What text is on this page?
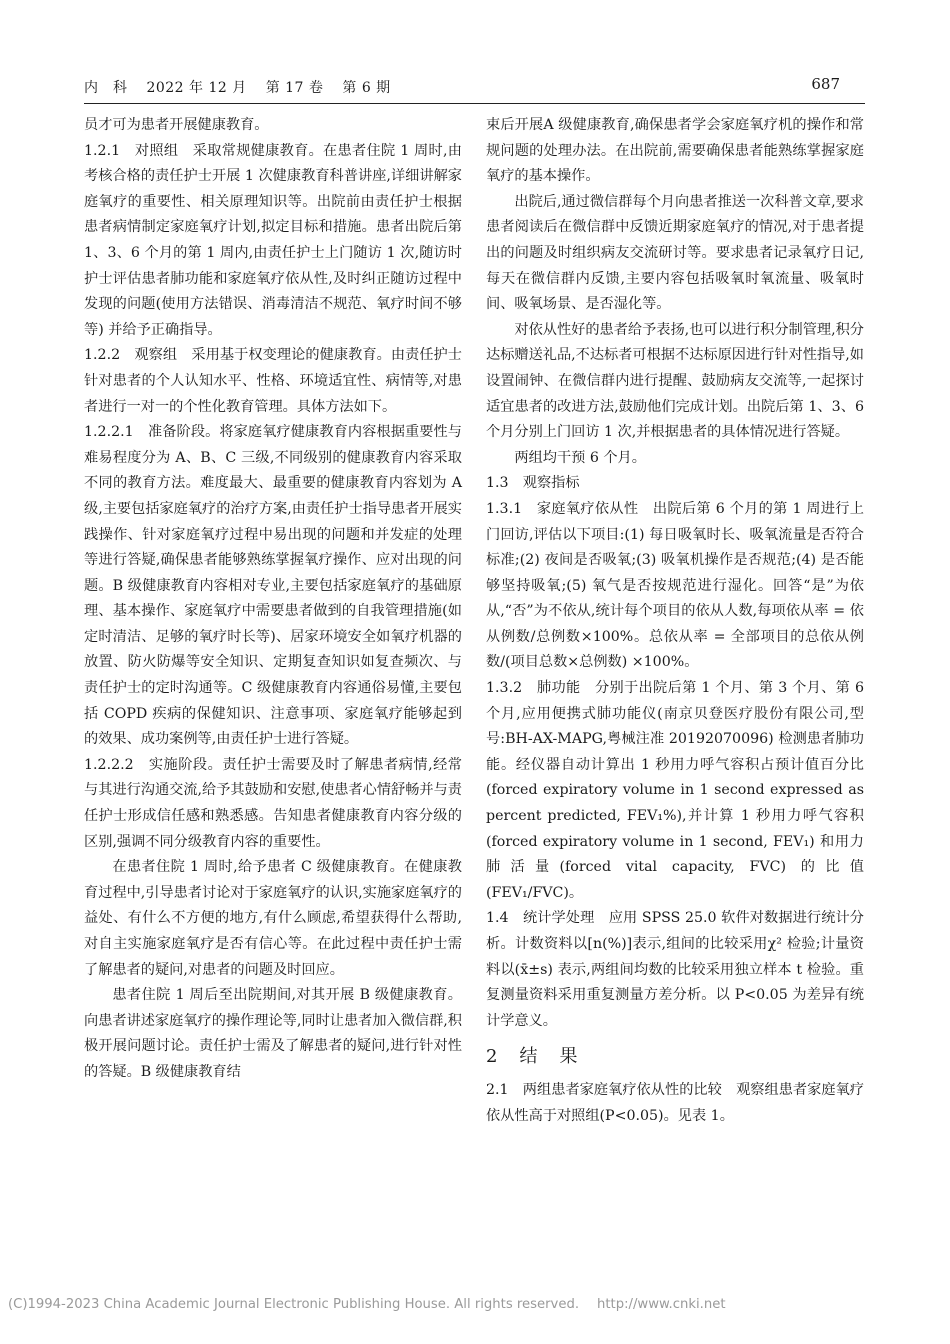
内　科 2022 年 12 月 第 17 卷 第 6 期	687

员才可为患者开展健康教育。

1.2.1　对照组　采取常规健康教育。在患者住院 1 周时,由考核合格的责任护士开展 1 次健康教育科普讲座,详细讲解家庭氧疗的重要性、相关原理知识等。出院前由责任护士根据患者病情制定家庭氧疗计划,拟定目标和措施。患者出院后第 1、3、6 个月的第 1 周内,由责任护士上门随访 1 次,随访时护士评估患者肺功能和家庭氧疗依从性,及时纠正随访过程中发现的问题(使用方法错误、消毒清洁不规范、氧疗时间不够等) 并给予正确指导。

1.2.2　观察组　采用基于权变理论的健康教育。由责任护士针对患者的个人认知水平、性格、环境适宜性、病情等,对患者进行一对一的个性化教育管理。具体方法如下。

1.2.2.1　准备阶段。将家庭氧疗健康教育内容根据重要性与难易程度分为 A、B、C 三级,不同级别的健康教育内容采取不同的教育方法。难度最大、最重要的健康教育内容划为 A 级,主要包括家庭氧疗的治疗方案,由责任护士指导患者开展实践操作、针对家庭氧疗过程中易出现的问题和并发症的处理等进行答疑,确保患者能够熟练掌握氧疗操作、应对出现的问题。B 级健康教育内容相对专业,主要包括家庭氧疗的基础原理、基本操作、家庭氧疗中需要患者做到的自我管理措施(如定时清洁、足够的氧疗时长等)、居家环境安全如氧疗机器的放置、防火防爆等安全知识、定期复查知识如复查频次、与责任护士的定时沟通等。C 级健康教育内容通俗易懂,主要包括 COPD 疾病的保健知识、注意事项、家庭氧疗能够起到的效果、成功案例等,由责任护士进行答疑。

1.2.2.2　实施阶段。责任护士需要及时了解患者病情,经常与其进行沟通交流,给予其鼓励和安慰,使患者心情舒畅并与责任护士形成信任感和熟悉感。告知患者健康教育内容分级的区别,强调不同分级教育内容的重要性。

在患者住院 1 周时,给予患者 C 级健康教育。在健康教育过程中,引导患者讨论对于家庭氧疗的认识,实施家庭氧疗的益处、有什么不方便的地方,有什么顾虑,希望获得什么帮助,对自主实施家庭氧疗是否有信心等。在此过程中责任护士需了解患者的疑问,对患者的问题及时回应。

患者住院 1 周后至出院期间,对其开展 B 级健康教育。向患者讲述家庭氧疗的操作理论等,同时让患者加入微信群,积极开展问题讨论。责任护士需及了解患者的疑问,进行针对性的答疑。B 级健康教育结

束后开展A 级健康教育,确保患者学会家庭氧疗机的操作和常规问题的处理办法。在出院前,需要确保患者能熟练掌握家庭氧疗的基本操作。

出院后,通过微信群每个月向患者推送一次科普文章,要求患者阅读后在微信群中反馈近期家庭氧疗的情况,对于患者提出的问题及时组织病友交流研讨等。要求患者记录氧疗日记,每天在微信群内反馈,主要内容包括吸氧时氧流量、吸氧时间、吸氧场景、是否湿化等。

对依从性好的患者给予表扬,也可以进行积分制管理,积分达标赠送礼品,不达标者可根据不达标原因进行针对性指导,如设置闹钟、在微信群内进行提醒、鼓励病友交流等,一起探讨适宜患者的改进方法,鼓励他们完成计划。出院后第 1、3、6 个月分别上门回访 1 次,并根据患者的具体情况进行答疑。

两组均干预 6 个月。

1.3　观察指标

1.3.1　家庭氧疗依从性　出院后第 6 个月的第 1 周进行上门回访,评估以下项目:(1) 每日吸氧时长、吸氧流量是否符合标准;(2) 夜间是否吸氧;(3) 吸氧机操作是否规范;(4) 是否能够坚持吸氧;(5) 氧气是否按规范进行湿化。回答“是”为依从,“否”为不依从,统计每个项目的依从人数,每项依从率 = 依从例数/总例数×100%。总依从率 = 全部项目的总依从例数/(项目总数×总例数) ×100%。

1.3.2　肺功能　分别于出院后第 1 个月、第 3 个月、第 6 个月,应用便携式肺功能仪(南京贝登医疗股份有限公司,型号:BH-AX-MAPG,粤械注准 20192070096) 检测患者肺功能。经仪器自动计算出 1 秒用力呼气容积占预计值百分比(forced expiratory volume in 1 second expressed as percent predicted, FEV₁%),并计算 1 秒用力呼气容积(forced expiratory volume in 1 second, FEV₁) 和用力肺活量(forced vital capacity, FVC) 的比值(FEV₁/FVC)。

1.4　统计学处理　应用 SPSS 25.0 软件对数据进行统计分析。计数资料以[n(%)]表示,组间的比较采用χ² 检验;计量资料以(x̄±s) 表示,两组间均数的比较采用独立样本 t 检验。重复测量资料采用重复测量方差分析。以 P<0.05 为差异有统计学意义。

2　结　果

2.1　两组患者家庭氧疗依从性的比较　观察组患者家庭氧疗依从性高于对照组(P<0.05)。见表 1。

(C)1994-2023 China Academic Journal Electronic Publishing House. All rights reserved. http://www.cnki.net
